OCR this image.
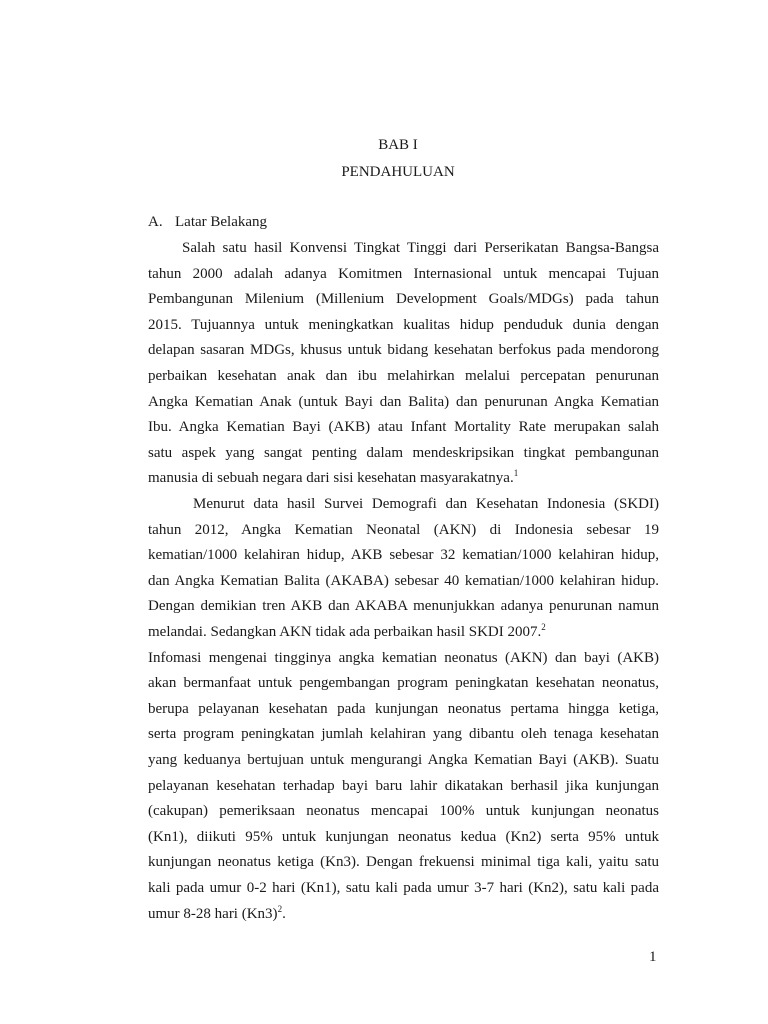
BAB I
PENDAHULUAN
A. Latar Belakang
Salah satu hasil Konvensi Tingkat Tinggi dari Perserikatan Bangsa-Bangsa
tahun 2000 adalah adanya Komitmen Internasional untuk mencapai Tujuan
Pembangunan Milenium (Millenium Development Goals/MDGs) pada tahun
2015. Tujuannya untuk meningkatkan kualitas hidup penduduk dunia dengan
delapan sasaran MDGs, khusus untuk bidang kesehatan berfokus pada mendorong
perbaikan kesehatan anak dan ibu melahirkan melalui percepatan penurunan
Angka Kematian Anak (untuk Bayi dan Balita) dan penurunan Angka Kematian
Ibu. Angka Kematian Bayi (AKB) atau Infant Mortality Rate merupakan salah
satu aspek yang sangat penting dalam mendeskripsikan tingkat pembangunan
manusia di sebuah negara dari sisi kesehatan masyarakatnya.$^1$
Menurut data hasil Survei Demografi dan Kesehatan Indonesia (SKDI)
tahun 2012, Angka Kematian Neonatal (AKN) di Indonesia sebesar 19
kematian/1000 kelahiran hidup, AKB sebesar 32 kematian/1000 kelahiran hidup,
dan Angka Kematian Balita (AKABA) sebesar 40 kematian/1000 kelahiran hidup.
Dengan demikian tren AKB dan AKABA menunjukkan adanya penurunan namun
melandai. Sedangkan AKN tidak ada perbaikan hasil SKDI 2007.$^2$
Infomasi mengenai tingginya angka kematian neonatus (AKN) dan bayi (AKB)
akan bermanfaat untuk pengembangan program peningkatan kesehatan neonatus,
berupa pelayanan kesehatan pada kunjungan neonatus pertama hingga ketiga,
serta program peningkatan jumlah kelahiran yang dibantu oleh tenaga kesehatan
yang keduanya bertujuan untuk mengurangi Angka Kematian Bayi (AKB). Suatu
pelayanan kesehatan terhadap bayi baru lahir dikatakan berhasil jika kunjungan
(cakupan) pemeriksaan neonatus mencapai 100% untuk kunjungan neonatus
(Kn1), diikuti 95% untuk kunjungan neonatus kedua (Kn2) serta 95% untuk
kunjungan neonatus ketiga (Kn3). Dengan frekuensi minimal tiga kali, yaitu satu
kali pada umur 0-2 hari (Kn1), satu kali pada umur 3-7 hari (Kn2), satu kali pada
umur 8-28 hari $(Kn3)^2$.
1
